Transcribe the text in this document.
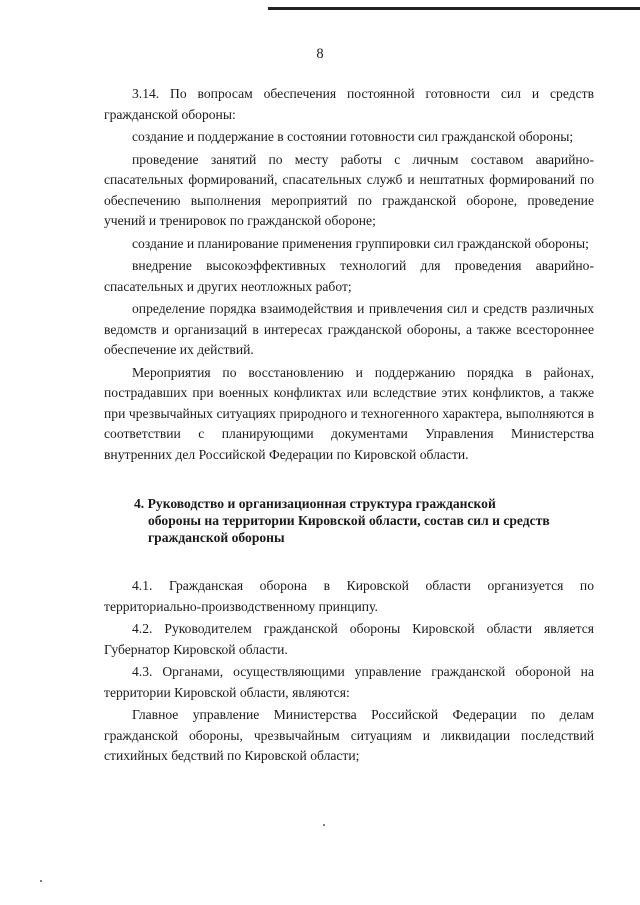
8

3.14. По вопросам обеспечения постоянной готовности сил и средств гражданской обороны:

создание и поддержание в состоянии готовности сил гражданской обороны;

проведение занятий по месту работы с личным составом аварийно-спасательных формирований, спасательных служб и нештатных формирований по обеспечению выполнения мероприятий по гражданской обороне, проведение учений и тренировок по гражданской обороне;

создание и планирование применения группировки сил гражданской обороны;

внедрение высокоэффективных технологий для проведения аварийно-спасательных и других неотложных работ;

определение порядка взаимодействия и привлечения сил и средств различных ведомств и организаций в интересах гражданской обороны, а также всестороннее обеспечение их действий.

Мероприятия по восстановлению и поддержанию порядка в районах, пострадавших при военных конфликтах или вследствие этих конфликтов, а также при чрезвычайных ситуациях природного и техногенного характера, выполняются в соответствии с планирующими документами Управления Министерства внутренних дел Российской Федерации по Кировской области.

4. Руководство и организационная структура гражданской
обороны на территории Кировской области, состав сил и средств
гражданской обороны

4.1. Гражданская оборона в Кировской области организуется по территориально-производственному принципу.

4.2. Руководителем гражданской обороны Кировской области является Губернатор Кировской области.

4.3. Органами, осуществляющими управление гражданской обороной на территории Кировской области, являются:

Главное управление Министерства Российской Федерации по делам гражданской обороны, чрезвычайным ситуациям и ликвидации последствий стихийных бедствий по Кировской области;
